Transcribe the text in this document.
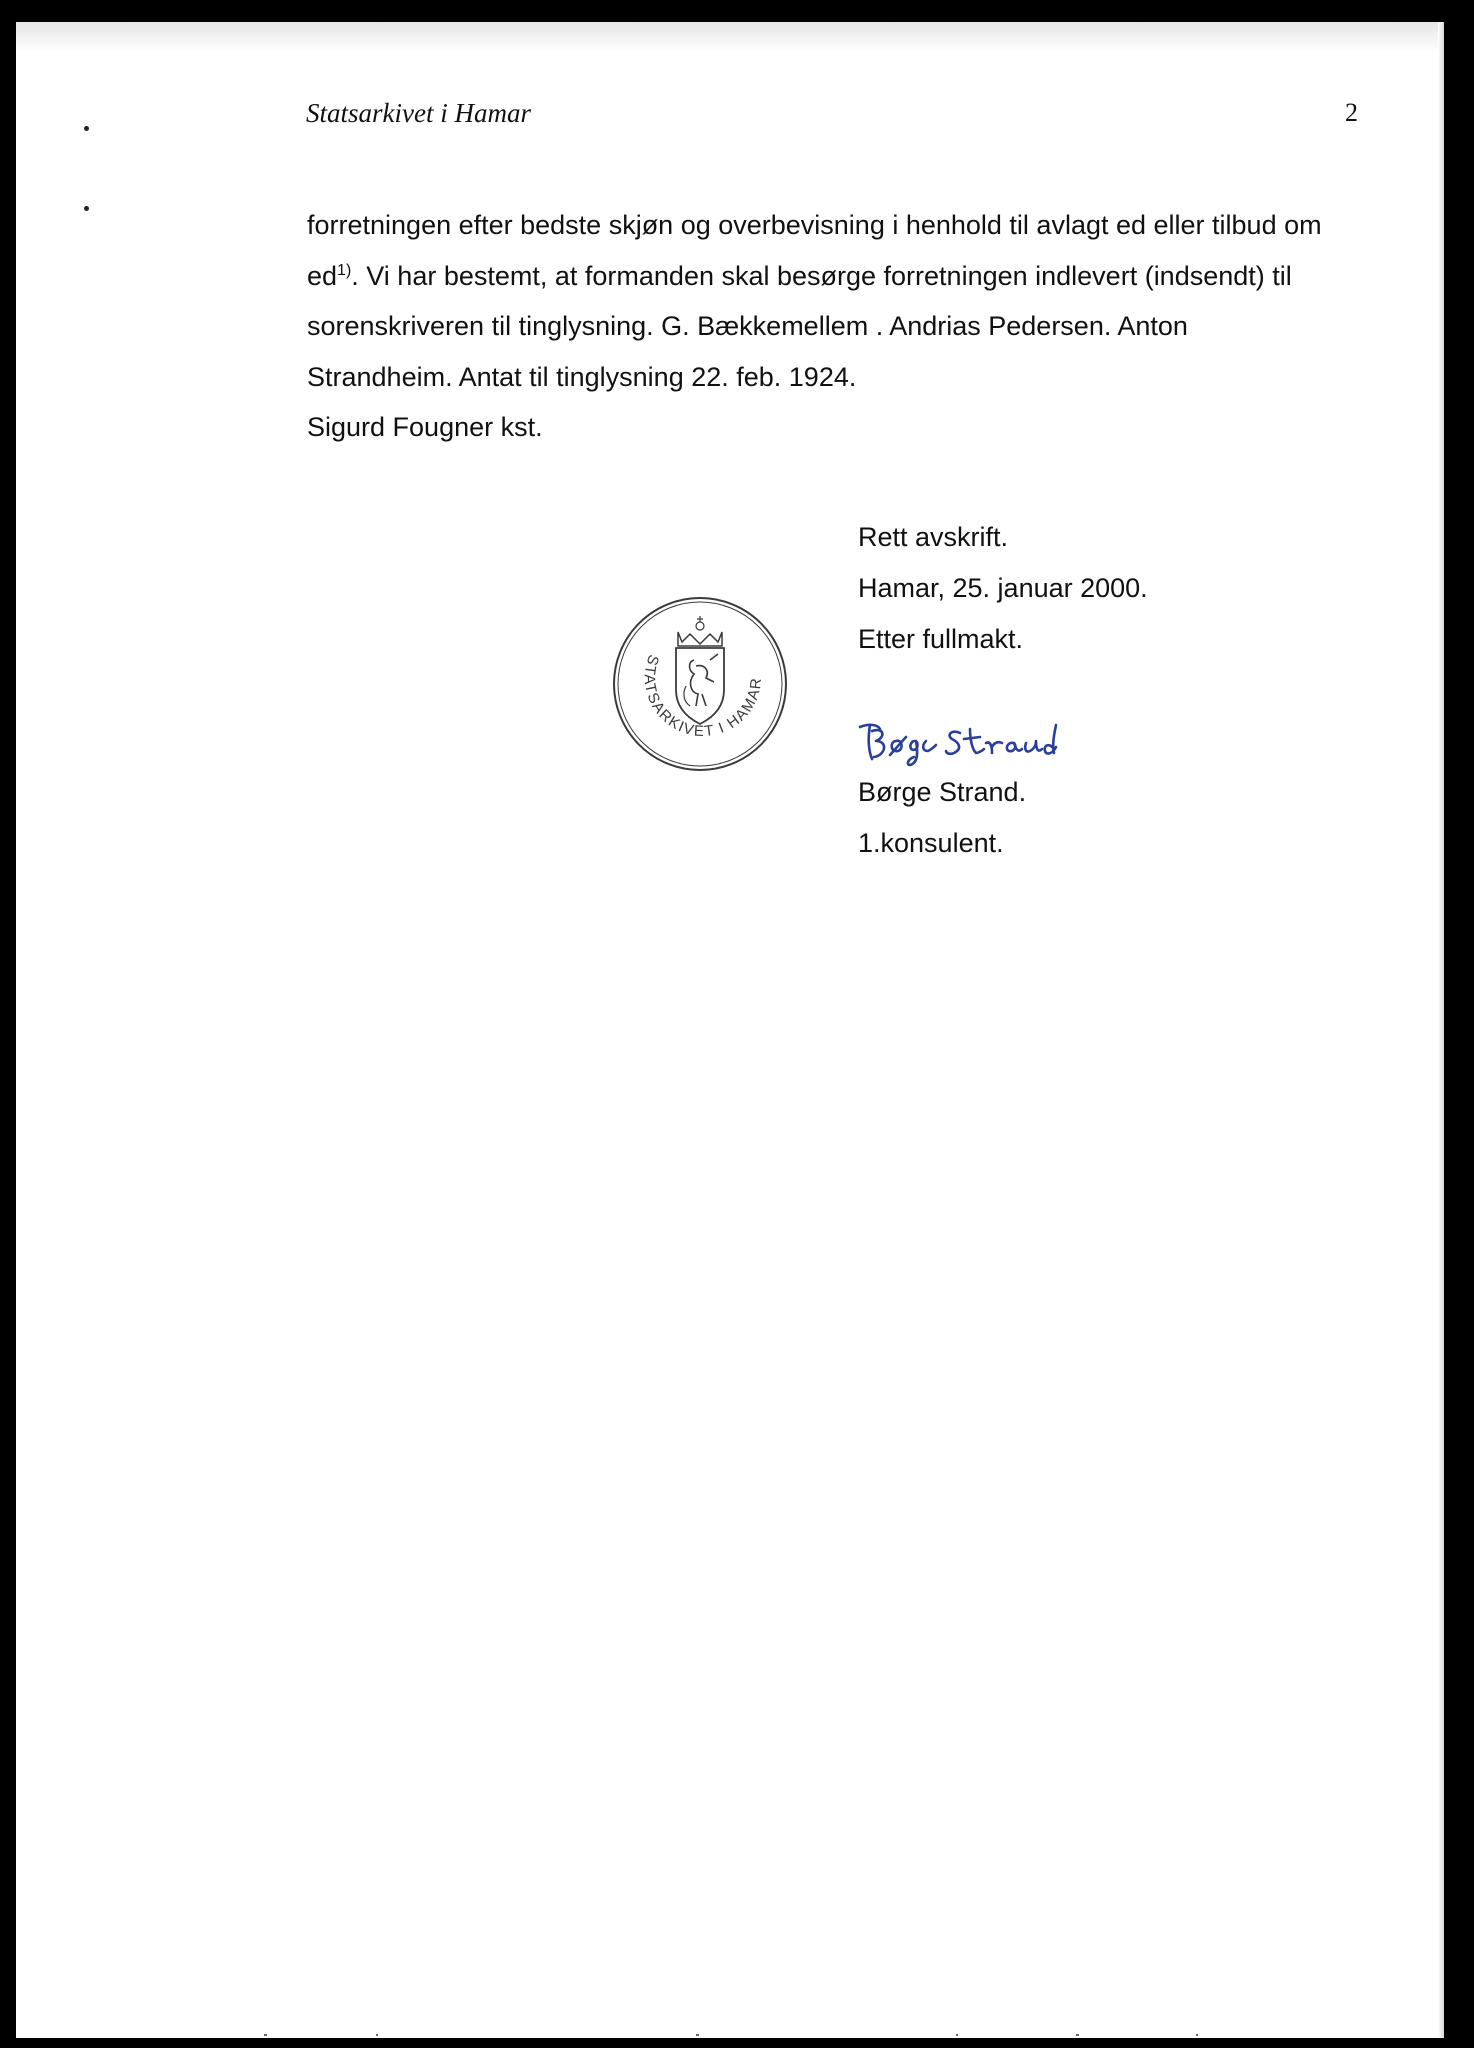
Statsarkivet i Hamar	2

forretningen efter bedste skjøn og overbevisning i henhold til avlagt ed eller tilbud om

$ed^{1)}$. Vi har bestemt, at formanden skal besørge forretningen indlevert (indsendt) til

sorenskriveren til tinglysning. G. Bækkemellem . Andrias Pedersen. Anton

Strandheim. Antat til tinglysning 22. feb. 1924.

Sigurd Fougner kst.

Rett avskrift.

Hamar, 25. januar 2000.

Etter fullmakt.

Børge Strand.

1.konsulent.

STATSARKIVET I HAMAR
